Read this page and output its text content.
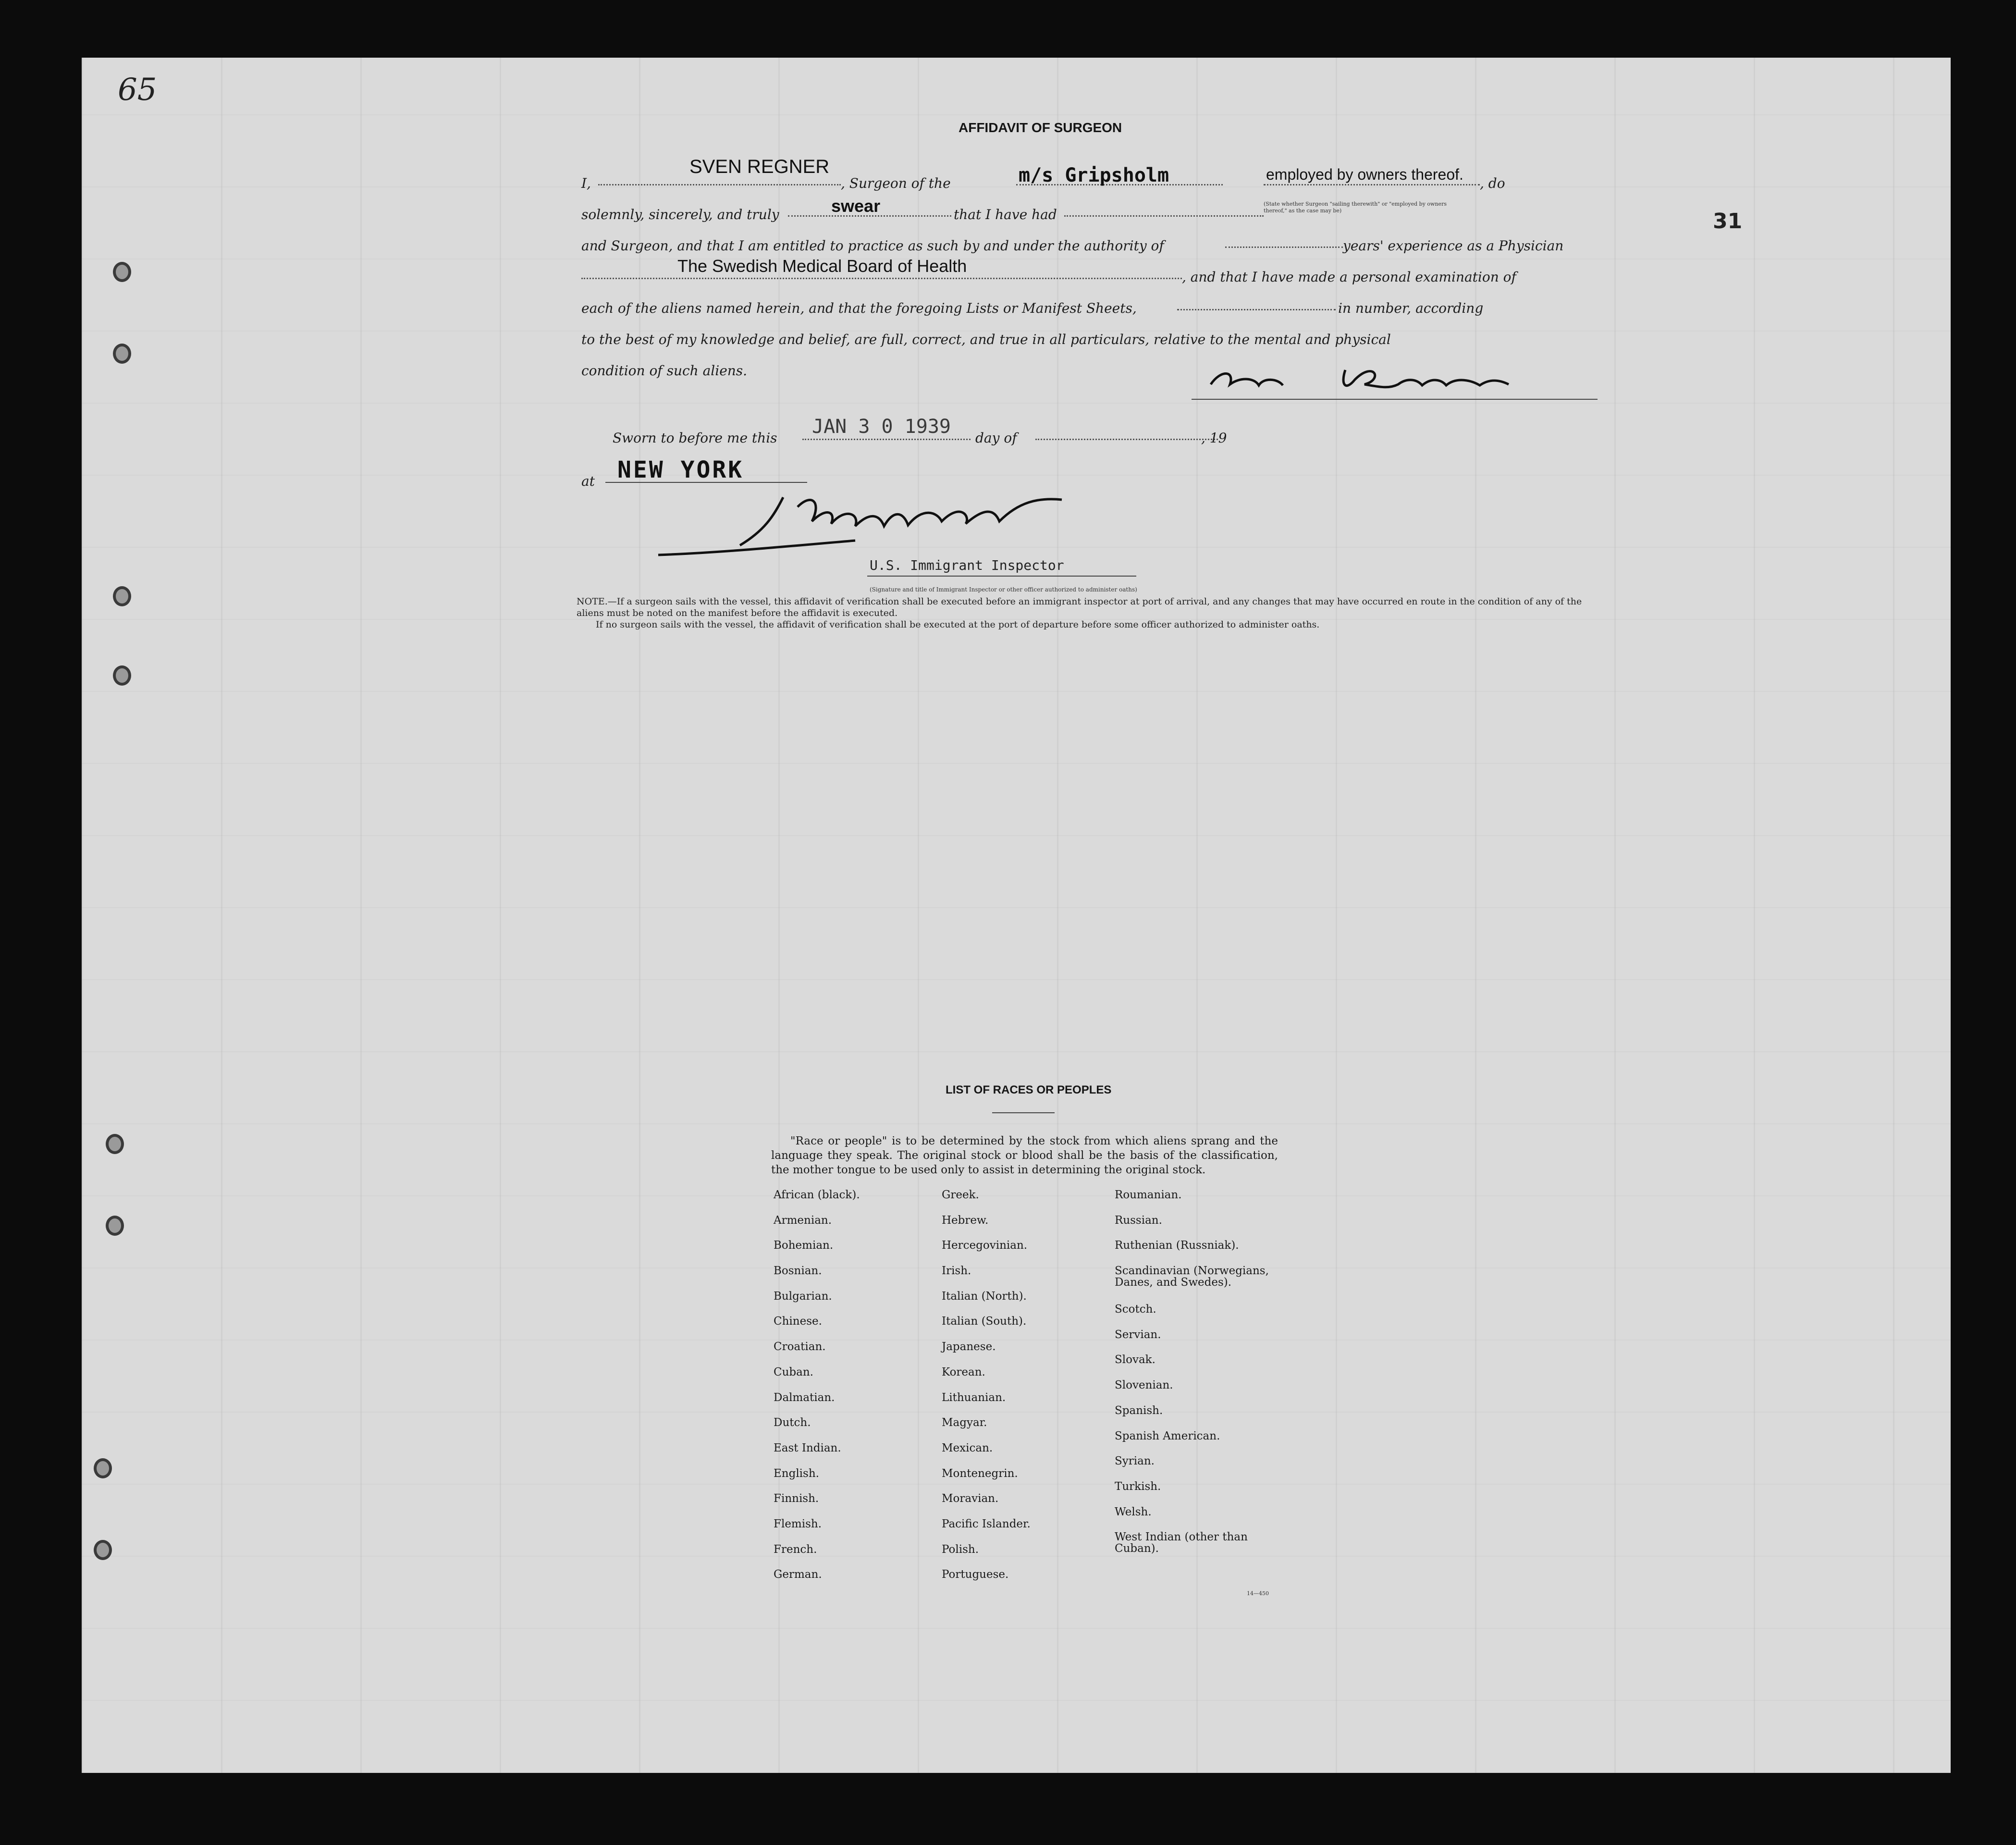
65
31
AFFIDAVIT OF SURGEON
I,
SVEN REGNER
, Surgeon of the	m/s Gripsholm	employed by owners thereof.
, do
solemnly, sincerely, and truly	swear	that I have had
(State whether Surgeon "sailing therewith" or "employed by owners thereof," as the case may be)
and Surgeon, and that I am entitled to practice as such by and under the authority of	years' experience as a Physician
The Swedish Medical Board of Health
, and that I have made a personal examination of
each of the aliens named herein, and that the foregoing Lists or Manifest Sheets,	in number, according
to the best of my knowledge and belief, are full, correct, and true in all particulars, relative to the mental and physical
condition of such aliens.
Sworn to before me this
JAN 3 0 1939
day of	, 19
at NEW YORK
U.S. Immigrant Inspector
(Signature and title of Immigrant Inspector or other officer authorized to administer oaths)
NOTE.—If a surgeon sails with the vessel, this affidavit of verification shall be executed before an immigrant inspector at port of arrival, and any changes that may have occurred en route in the condition of any of the aliens must be noted on the manifest before the affidavit is executed.
If no surgeon sails with the vessel, the affidavit of verification shall be executed at the port of departure before some officer authorized to administer oaths.
LIST OF RACES OR PEOPLES
"Race or people" is to be determined by the stock from which aliens sprang and the language they speak. The original stock or blood shall be the basis of the classification, the mother tongue to be used only to assist in determining the original stock.
African (black).
Armenian.
Bohemian.
Bosnian.
Bulgarian.
Chinese.
Croatian.
Cuban.
Dalmatian.
Dutch.
East Indian.
English.
Finnish.
Flemish.
French.
German.
Greek.
Hebrew.
Hercegovinian.
Irish.
Italian (North).
Italian (South).
Japanese.
Korean.
Lithuanian.
Magyar.
Mexican.
Montenegrin.
Moravian.
Pacific Islander.
Polish.
Portuguese.
Roumanian.
Russian.
Ruthenian (Russniak).
Scandinavian (Norwegians, Danes, and Swedes).
Scotch.
Servian.
Slovak.
Slovenian.
Spanish.
Spanish American.
Syrian.
Turkish.
Welsh.
West Indian (other than Cuban).
14—450
